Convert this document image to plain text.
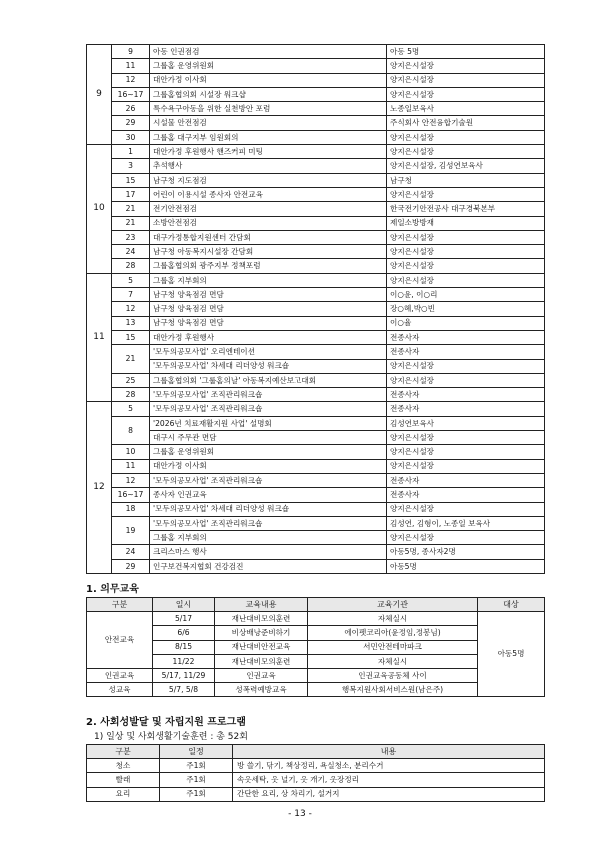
9	9	아동 인권점검	아동 5명
	11	그룹홈 운영위원회	양지은시설장
	12	대안가정 이사회	양지은시설장
	16~17	그룹홈협의회 시설장 워크샵	양지은시설장
	26	특수욕구아동을 위한 실천방안 포럼	노종일보육사
	29	시설물 안전점검	주식회사 안전융합기술원
	30	그룹홈 대구지부 임원회의	양지은시설장
10	1	대안가정 후원행사 핸즈커피 미팅	양지은시설장
	3	추석행사	양지은시설장, 김성연보육사
	15	남구청 지도점검	남구청
	17	어린이 이용시설 종사자 안전교육	양지은시설장
	21	전기안전점검	한국전기안전공사 대구경북본부
	21	소방안전점검	제일소방방재
	23	대구가정통합지원센터 간담회	양지은시설장
	24	남구청 아동복지시설장 간담회	양지은시설장
	28	그룹홈협의회 광주지부 정책포럼	양지은시설장
11	5	그룹홈 지부회의	양지은시설장
	7	남구청 양육점검 면담	이○윤, 이○리
	12	남구청 양육점검 면담	장○혜,박○빈
	13	남구청 양육점검 면담	이○율
	15	대안가정 후원행사	전종사자
	21	'모두의공모사업' 오리엔테이션	전종사자
		'모두의공모사업' 차세대 리더양성 워크숍	양지은시설장
	25	그룹홈협의회 '그룹홈의날' 아동복지예산보고대회	양지은시설장
	28	'모두의공모사업' 조직관리워크숍	전종사자
12	5	'모두의공모사업' 조직관리워크숍	전종사자
	8	'2026년 치료재활지원 사업' 설명회	김성연보육사
		대구시 주무관 면담	양지은시설장
	10	그룹홈 운영위원회	양지은시설장
	11	대안가정 이사회	양지은시설장
	12	'모두의공모사업' 조직관리워크숍	전종사자
	16~17	종사자 인권교육	전종사자
	18	'모두의공모사업' 차세대 리더양성 워크숍	양지은시설장
	19	'모두의공모사업' 조직관리워크숍	김성연, 김형이, 노종일 보육사
		그룹홈 지부회의	양지은시설장
	24	크리스마스 행사	아동5명, 종사자2명
	29	인구보건복지협회 건강검진	아동5명
1. 의무교육
구분	일시	교육내용	교육기관	대상
안전교육	5/17	재난대비모의훈련	자체실시	아동5명
	6/6	비상배낭준비하기	에이펫코리아(윤정임,정봉님)	
	8/15	재난대비안전교육	서민안전테마파크	
	11/22	재난대비모의훈련	자체실시	
인권교육	5/17, 11/29	인권교육	인권교육공동체 사이	
성교육	5/7, 5/8	성폭력예방교육	행복지원사회서비스원(남은주)	
2. 사회성발달 및 자립지원 프로그램
1) 일상 및 사회생활기술훈련 : 총 52회
구분	일정	내용
청소	주1회	방 쓸기, 닦기, 책상정리, 욕실청소, 분리수거
빨래	주1회	속옷세탁, 옷 널기, 옷 개기, 옷장정리
요리	주1회	간단한 요리, 상 차리기, 설거지
- 13 -
